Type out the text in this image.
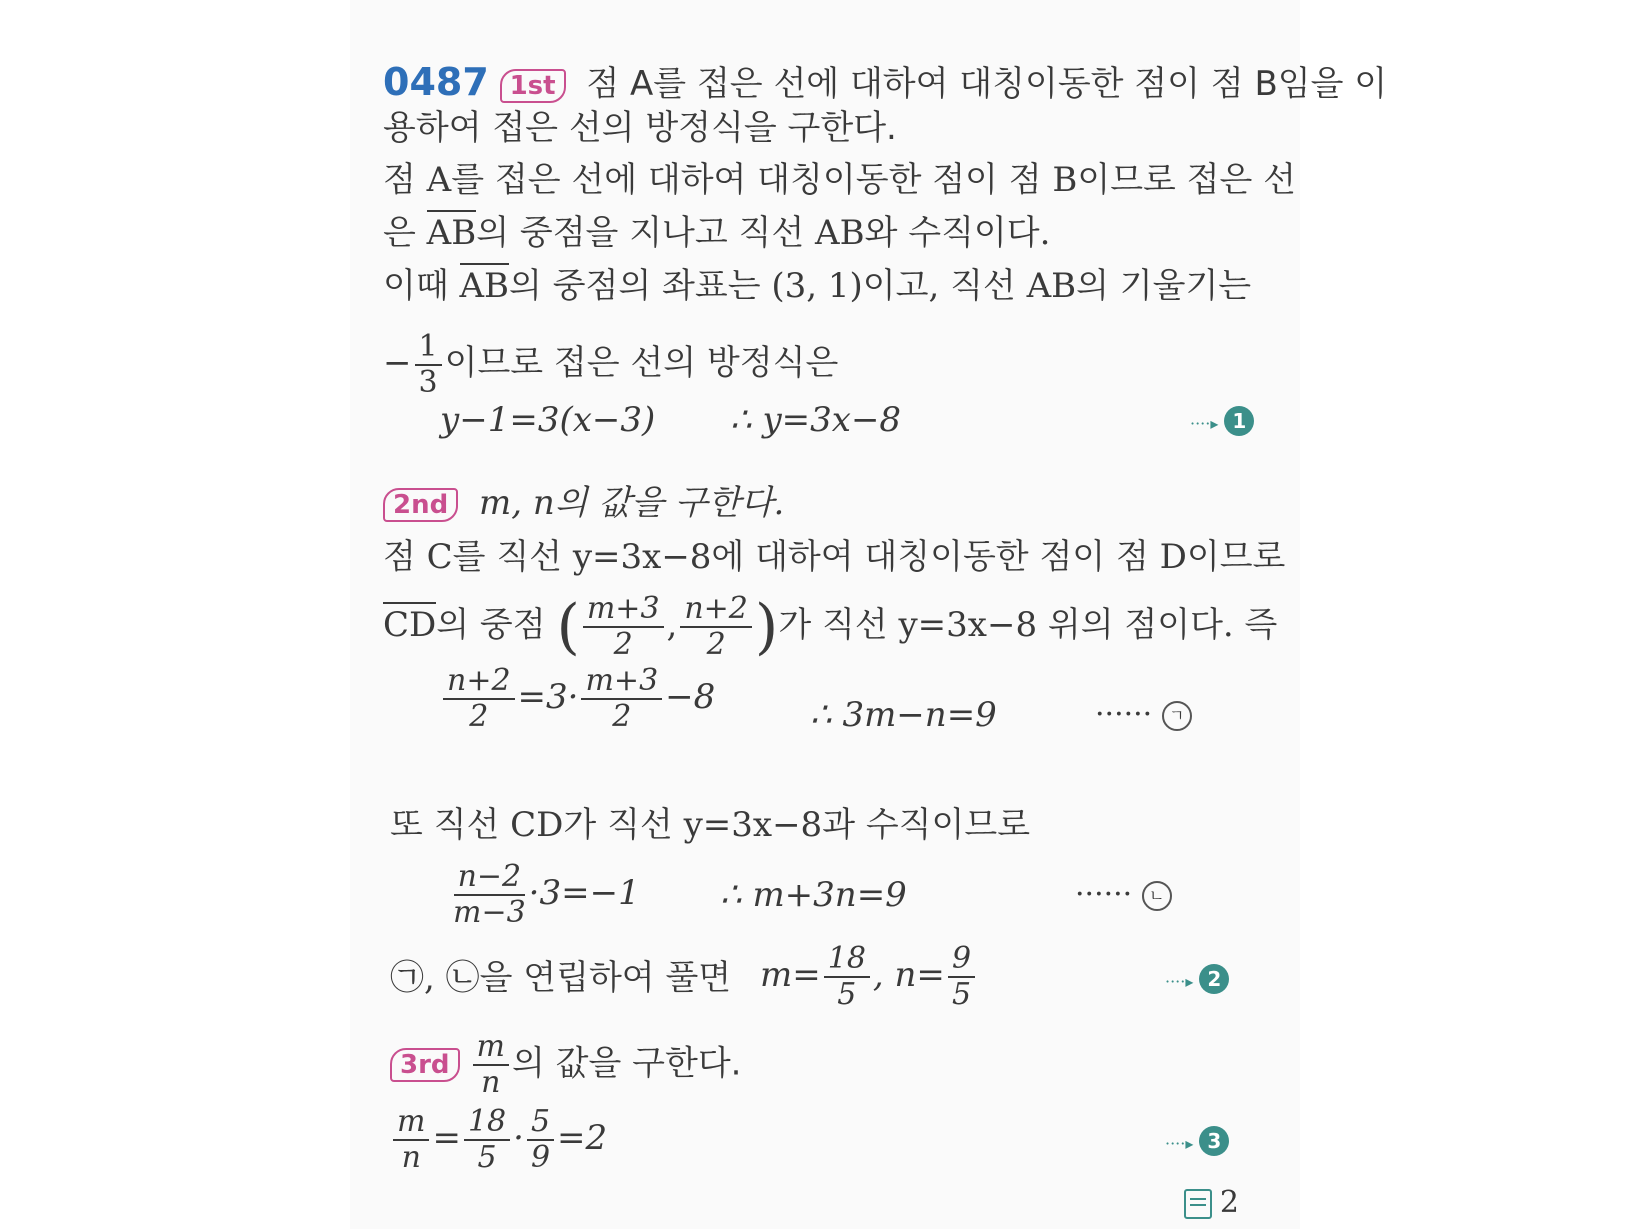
0487 1st 점 A를 접은 선에 대하여 대칭이동한 점이 점 B임을 이
용하여 접은 선의 방정식을 구한다.
점 A를 접은 선에 대하여 대칭이동한 점이 점 B이므로 접은 선
은 AB의 중점을 지나고 직선 AB와 수직이다.
이때 AB의 중점의 좌표는 (3, 1)이고, 직선 AB의 기울기는
− $\frac{1}{3}$ 이므로 접은 선의 방정식은
y−1=3(x−3) ∴ y=3x−8	····▸ 1
2nd m, n의 값을 구한다.
점 C를 직선 y=3x−8에 대하여 대칭이동한 점이 점 D이므로
CD의 중점 ( $\frac{m+3}{2}$ , $\frac{n+2}{2}$ )가 직선 y=3x−8 위의 점이다. 즉
$\frac{n+2}{2} =3\cdot \frac{m+3}{2} -8$	∴ 3m−n=9	······ ㄱ
또 직선 CD가 직선 y=3x−8과 수직이므로
$\frac{n-2}{m-3} \cdot 3=-1$ ∴ m+3n=9	······ ㄴ
㉠, ㉡을 연립하여 풀면 $m= \frac{18}{5}$ , $n= \frac{9}{5}$	····▸ 2
$3rd \frac{m}{n}$ 의 값을 구한다.
$\frac{m}{n} = \frac{18}{5} \cdot \frac{5}{9} =2$	····▸ 3
2
